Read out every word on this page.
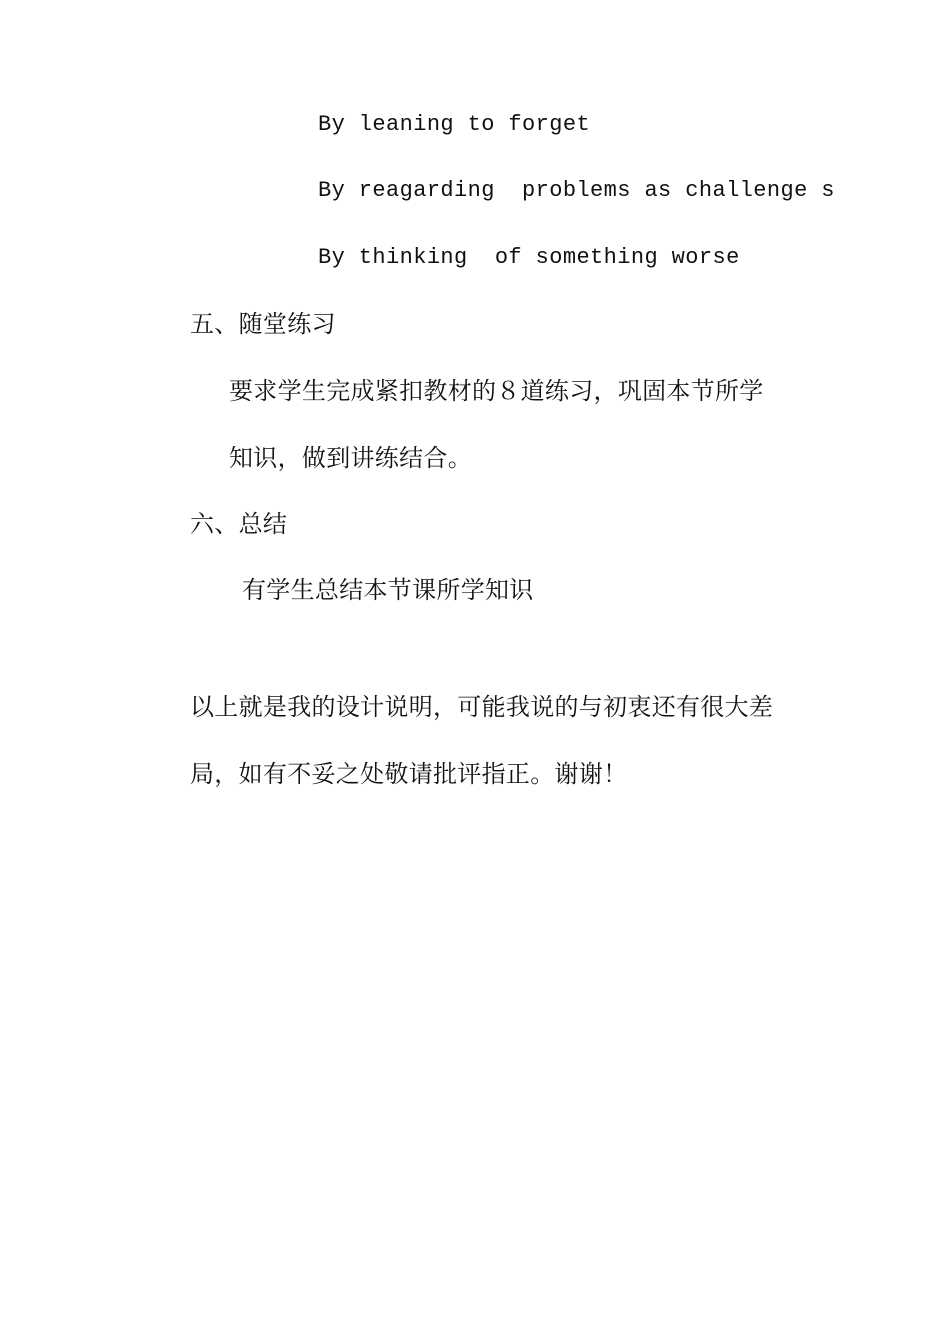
By leaning to forget
By reagarding  problems as challenge s
By thinking  of something worse
五、随堂练习
要求学生完成紧扣教材的８道练习，巩固本节所学
知识，做到讲练结合。
六、总结
有学生总结本节课所学知识
以上就是我的设计说明，可能我说的与初衷还有很大差
局，如有不妥之处敬请批评指正。谢谢！
